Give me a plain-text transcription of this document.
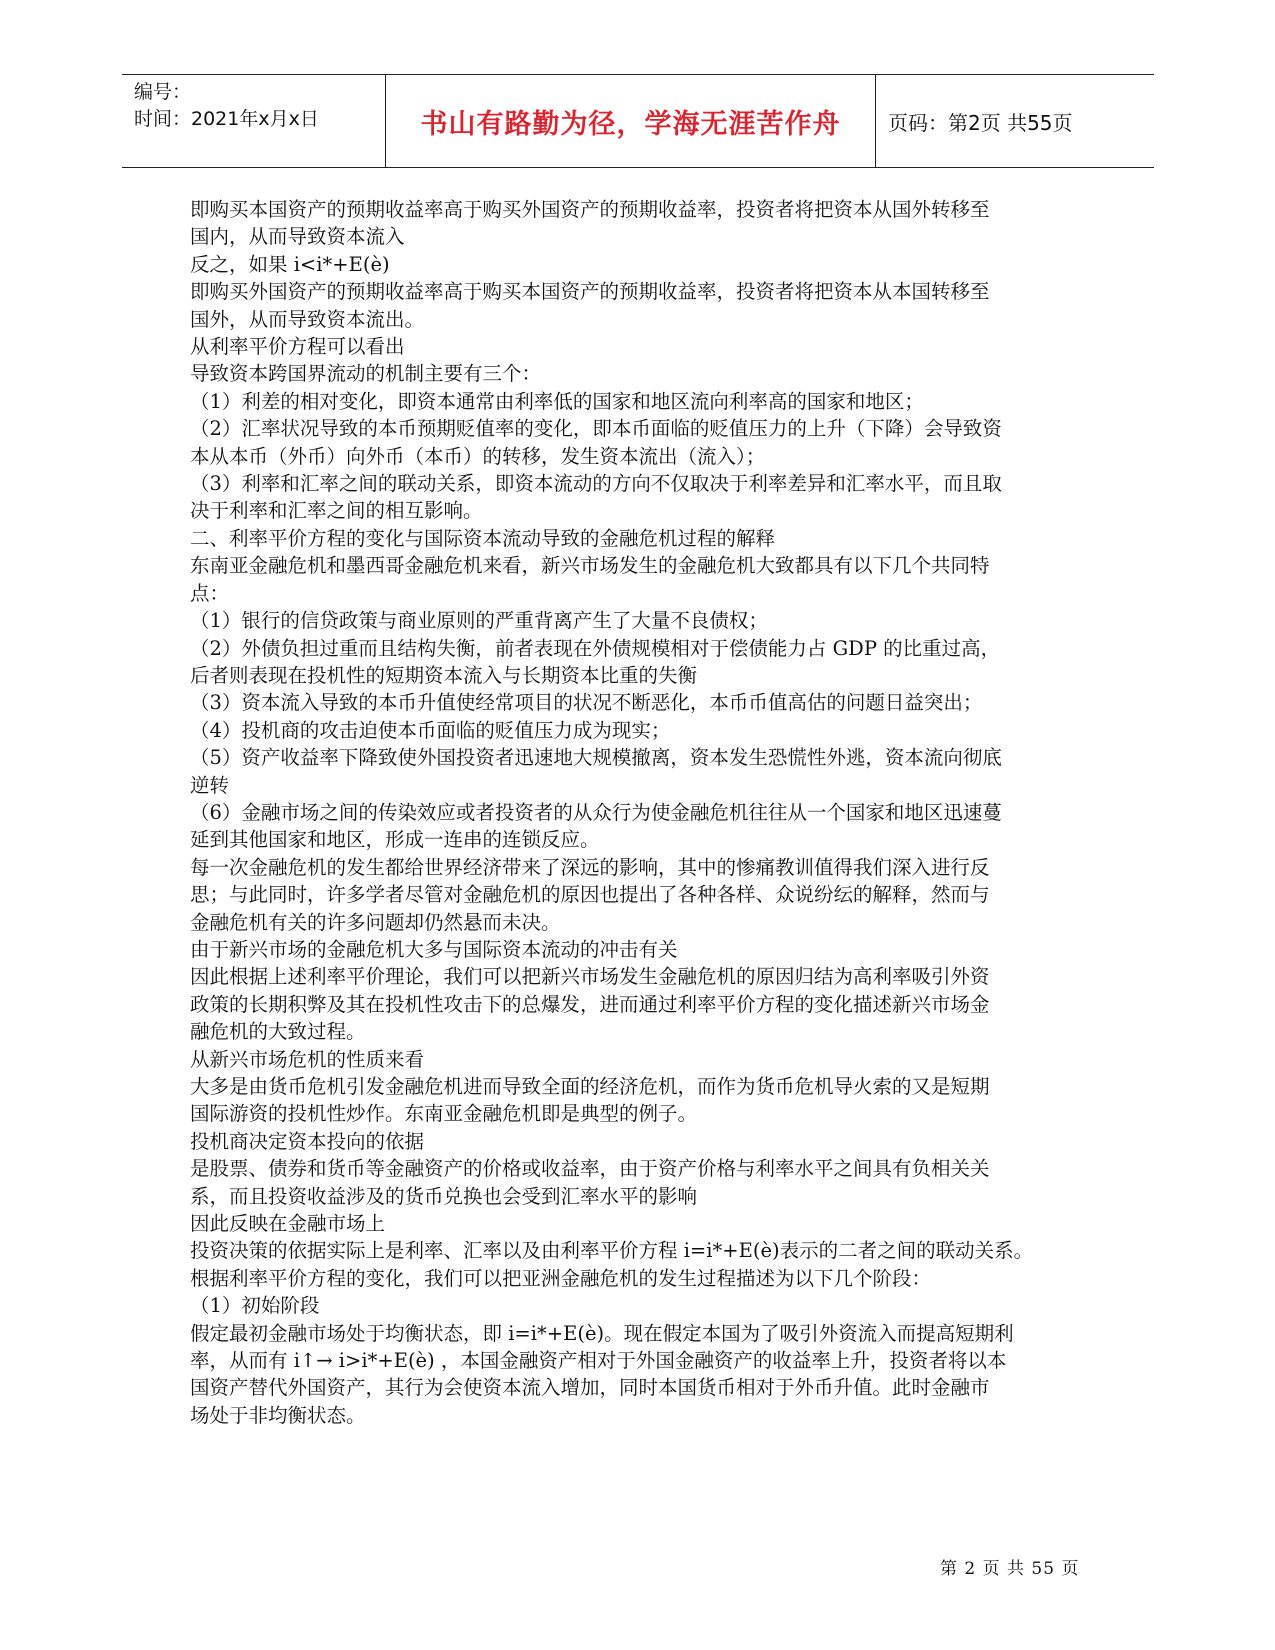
编号：
时间：2021年x月x日	书山有路勤为径，学海无涯苦作舟 页码：第2页 共55页
即购买本国资产的预期收益率高于购买外国资产的预期收益率，投资者将把资本从国外转移至
国内，从而导致资本流入
反之，如果 i<i*+E(è)
即购买外国资产的预期收益率高于购买本国资产的预期收益率，投资者将把资本从本国转移至
国外，从而导致资本流出。
从利率平价方程可以看出
导致资本跨国界流动的机制主要有三个：
（1）利差的相对变化，即资本通常由利率低的国家和地区流向利率高的国家和地区；
（2）汇率状况导致的本币预期贬值率的变化，即本币面临的贬值压力的上升（下降）会导致资
本从本币（外币）向外币（本币）的转移，发生资本流出（流入）；
（3）利率和汇率之间的联动关系，即资本流动的方向不仅取决于利率差异和汇率水平，而且取
决于利率和汇率之间的相互影响。
二、利率平价方程的变化与国际资本流动导致的金融危机过程的解释
东南亚金融危机和墨西哥金融危机来看，新兴市场发生的金融危机大致都具有以下几个共同特
点：
（1）银行的信贷政策与商业原则的严重背离产生了大量不良债权；
（2）外债负担过重而且结构失衡，前者表现在外债规模相对于偿债能力占 GDP 的比重过高，
后者则表现在投机性的短期资本流入与长期资本比重的失衡
（3）资本流入导致的本币升值使经常项目的状况不断恶化，本币币值高估的问题日益突出；
（4）投机商的攻击迫使本币面临的贬值压力成为现实；
（5）资产收益率下降致使外国投资者迅速地大规模撤离，资本发生恐慌性外逃，资本流向彻底
逆转
（6）金融市场之间的传染效应或者投资者的从众行为使金融危机往往从一个国家和地区迅速蔓
延到其他国家和地区，形成一连串的连锁反应。
每一次金融危机的发生都给世界经济带来了深远的影响，其中的惨痛教训值得我们深入进行反
思；与此同时，许多学者尽管对金融危机的原因也提出了各种各样、众说纷纭的解释，然而与
金融危机有关的许多问题却仍然悬而未决。
由于新兴市场的金融危机大多与国际资本流动的冲击有关
因此根据上述利率平价理论，我们可以把新兴市场发生金融危机的原因归结为高利率吸引外资
政策的长期积弊及其在投机性攻击下的总爆发，进而通过利率平价方程的变化描述新兴市场金
融危机的大致过程。
从新兴市场危机的性质来看
大多是由货币危机引发金融危机进而导致全面的经济危机，而作为货币危机导火索的又是短期
国际游资的投机性炒作。东南亚金融危机即是典型的例子。
投机商决定资本投向的依据
是股票、债券和货币等金融资产的价格或收益率，由于资产价格与利率水平之间具有负相关关
系，而且投资收益涉及的货币兑换也会受到汇率水平的影响
因此反映在金融市场上
投资决策的依据实际上是利率、汇率以及由利率平价方程 i=i*+E(è)表示的二者之间的联动关系。
根据利率平价方程的变化，我们可以把亚洲金融危机的发生过程描述为以下几个阶段：
（1）初始阶段
假定最初金融市场处于均衡状态，即 i=i*+E(è)。现在假定本国为了吸引外资流入而提高短期利
率，从而有 i↑→ i>i*+E(è) ，本国金融资产相对于外国金融资产的收益率上升，投资者将以本
国资产替代外国资产，其行为会使资本流入增加，同时本国货币相对于外币升值。此时金融市
场处于非均衡状态。
第 2 页 共 55 页
